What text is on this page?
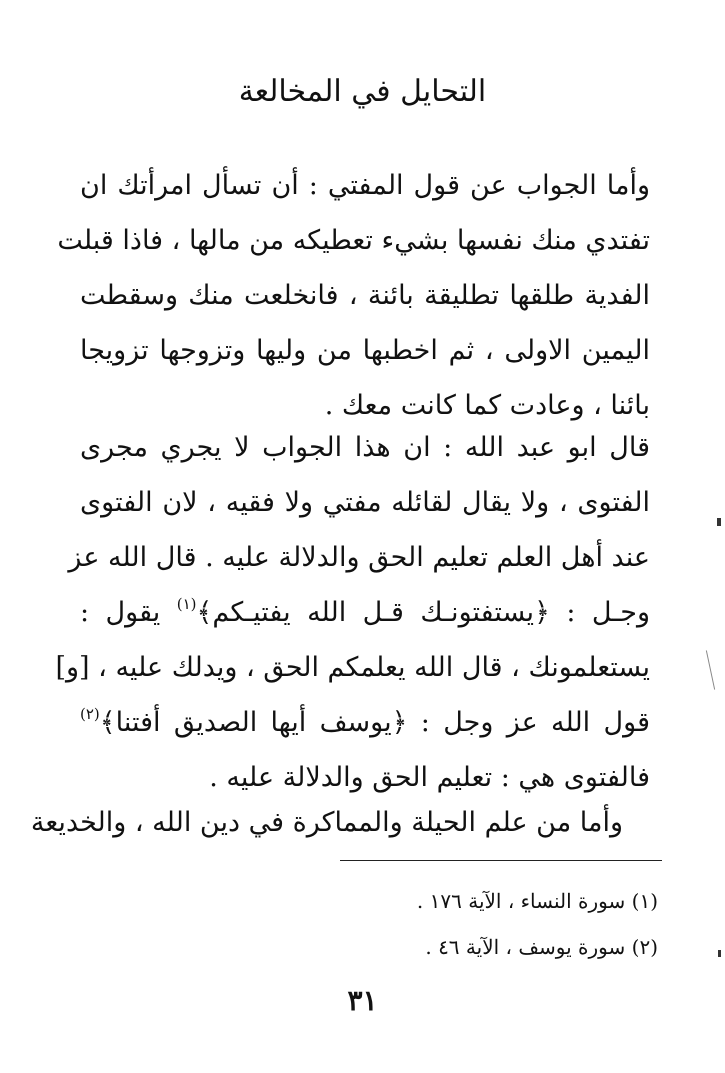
التحايل في المخالعة
وأما الجواب عن قول المفتي : أن تسأل امرأتك ان
تفتدي منك نفسها بشيء تعطيكه من مالها ، فاذا قبلت
الفدية طلقها تطليقة بائنة ، فانخلعت منك وسقطت
اليمين الاولى ، ثم اخطبها من وليها وتزوجها تزويجا
بائنا ، وعادت كما كانت معك .
قال ابو عبد الله : ان هذا الجواب لا يجري مجرى
الفتوى ، ولا يقال لقائله مفتي ولا فقيه ، لان الفتوى
عند أهل العلم تعليم الحق والدلالة عليه . قال الله عز
وجـل : ﴿يستفتونـك قـل الله يفتيـكم﴾$^{(١)}$ يقول :
يستعلمونك ، قال الله يعلمكم الحق ، ويدلك عليه ، [و]
قول الله عز وجل : ﴿يوسف أيها الصديق أفتنا﴾$^{(٢)}$
فالفتوى هي : تعليم الحق والدلالة عليه .
وأما من علم الحيلة والمماكرة في دين الله ، والخديعة
(١) سورة النساء ، الآية ١٧٦ .
(٢) سورة يوسف ، الآية ٤٦ .
٣١
